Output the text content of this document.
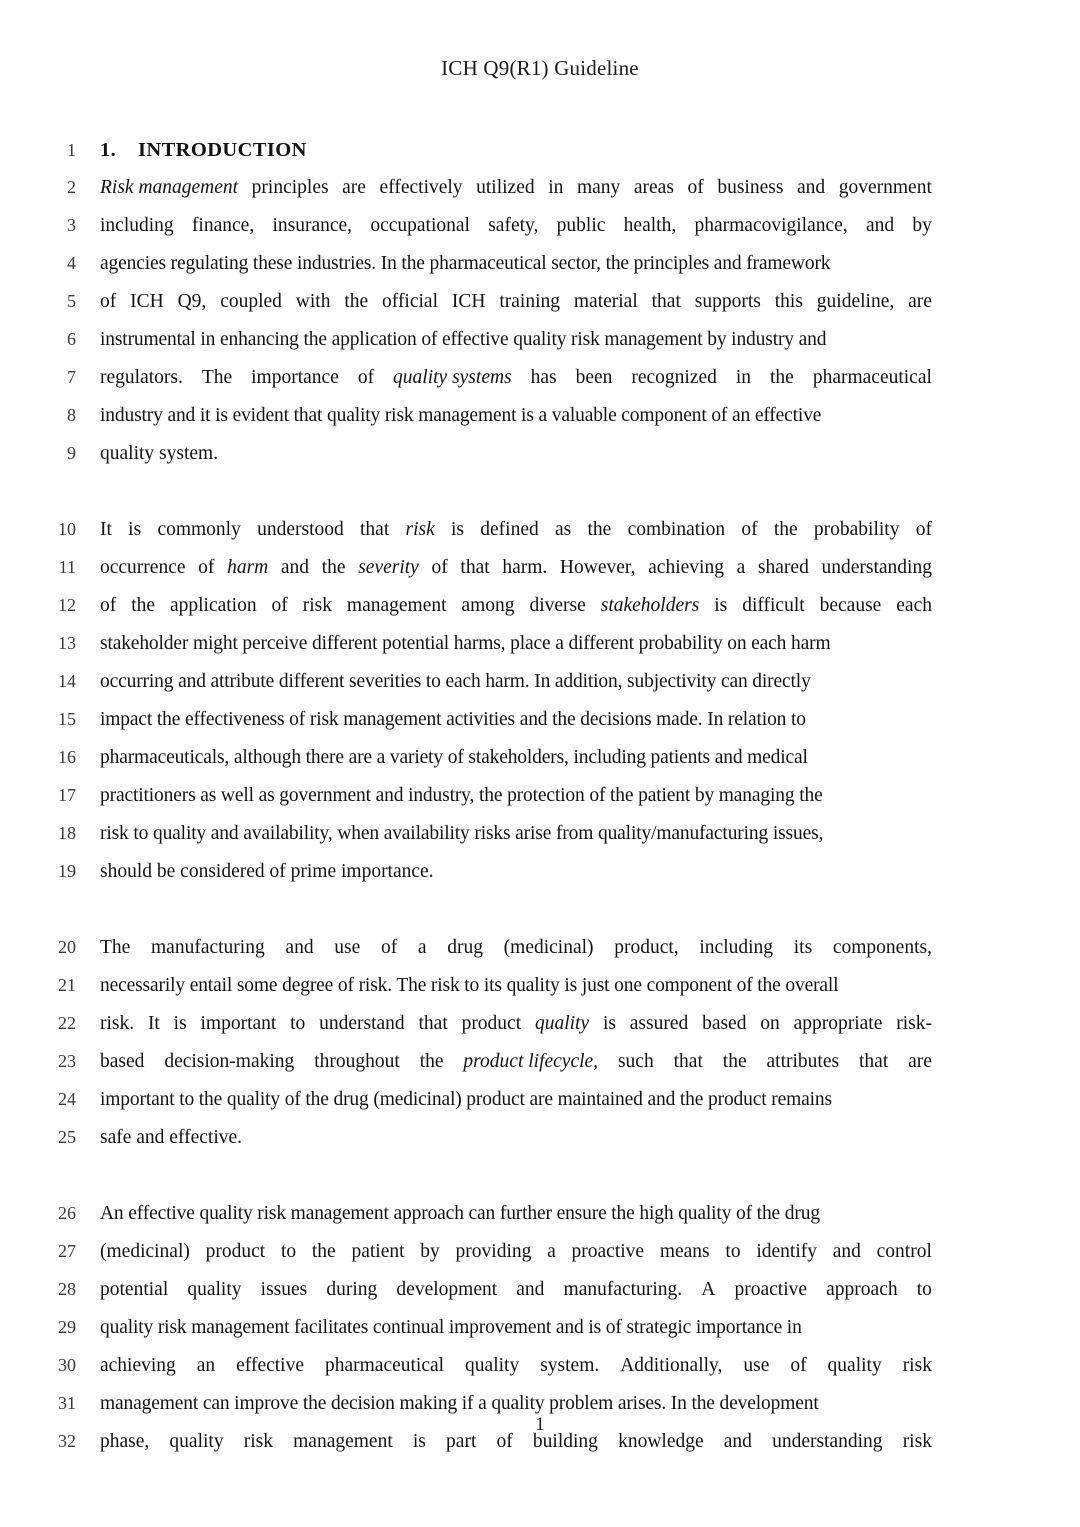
ICH Q9(R1) Guideline
1	1. INTRODUCTION
2	Risk management principles are effectively utilized in many areas of business and government
3	including finance, insurance, occupational safety, public health, pharmacovigilance, and by
4	agencies regulating these industries. In the pharmaceutical sector, the principles and framework
5	of ICH Q9, coupled with the official ICH training material that supports this guideline, are
6	instrumental in enhancing the application of effective quality risk management by industry and
7	regulators. The importance of quality systems has been recognized in the pharmaceutical
8	industry and it is evident that quality risk management is a valuable component of an effective
9	quality system.
10	It is commonly understood that risk is defined as the combination of the probability of
11	occurrence of harm and the severity of that harm. However, achieving a shared understanding
12	of the application of risk management among diverse stakeholders is difficult because each
13	stakeholder might perceive different potential harms, place a different probability on each harm
14	occurring and attribute different severities to each harm. In addition, subjectivity can directly
15	impact the effectiveness of risk management activities and the decisions made. In relation to
16	pharmaceuticals, although there are a variety of stakeholders, including patients and medical
17	practitioners as well as government and industry, the protection of the patient by managing the
18	risk to quality and availability, when availability risks arise from quality/manufacturing issues,
19	should be considered of prime importance.
20	The manufacturing and use of a drug (medicinal) product, including its components,
21	necessarily entail some degree of risk. The risk to its quality is just one component of the overall
22	risk. It is important to understand that product quality is assured based on appropriate risk-
23	based decision-making throughout the product lifecycle, such that the attributes that are
24	important to the quality of the drug (medicinal) product are maintained and the product remains
25	safe and effective.
26	An effective quality risk management approach can further ensure the high quality of the drug
27	(medicinal) product to the patient by providing a proactive means to identify and control
28	potential quality issues during development and manufacturing. A proactive approach to
29	quality risk management facilitates continual improvement and is of strategic importance in
30	achieving an effective pharmaceutical quality system. Additionally, use of quality risk
31	management can improve the decision making if a quality problem arises. In the development
32	phase, quality risk management is part of building knowledge and understanding risk
1
